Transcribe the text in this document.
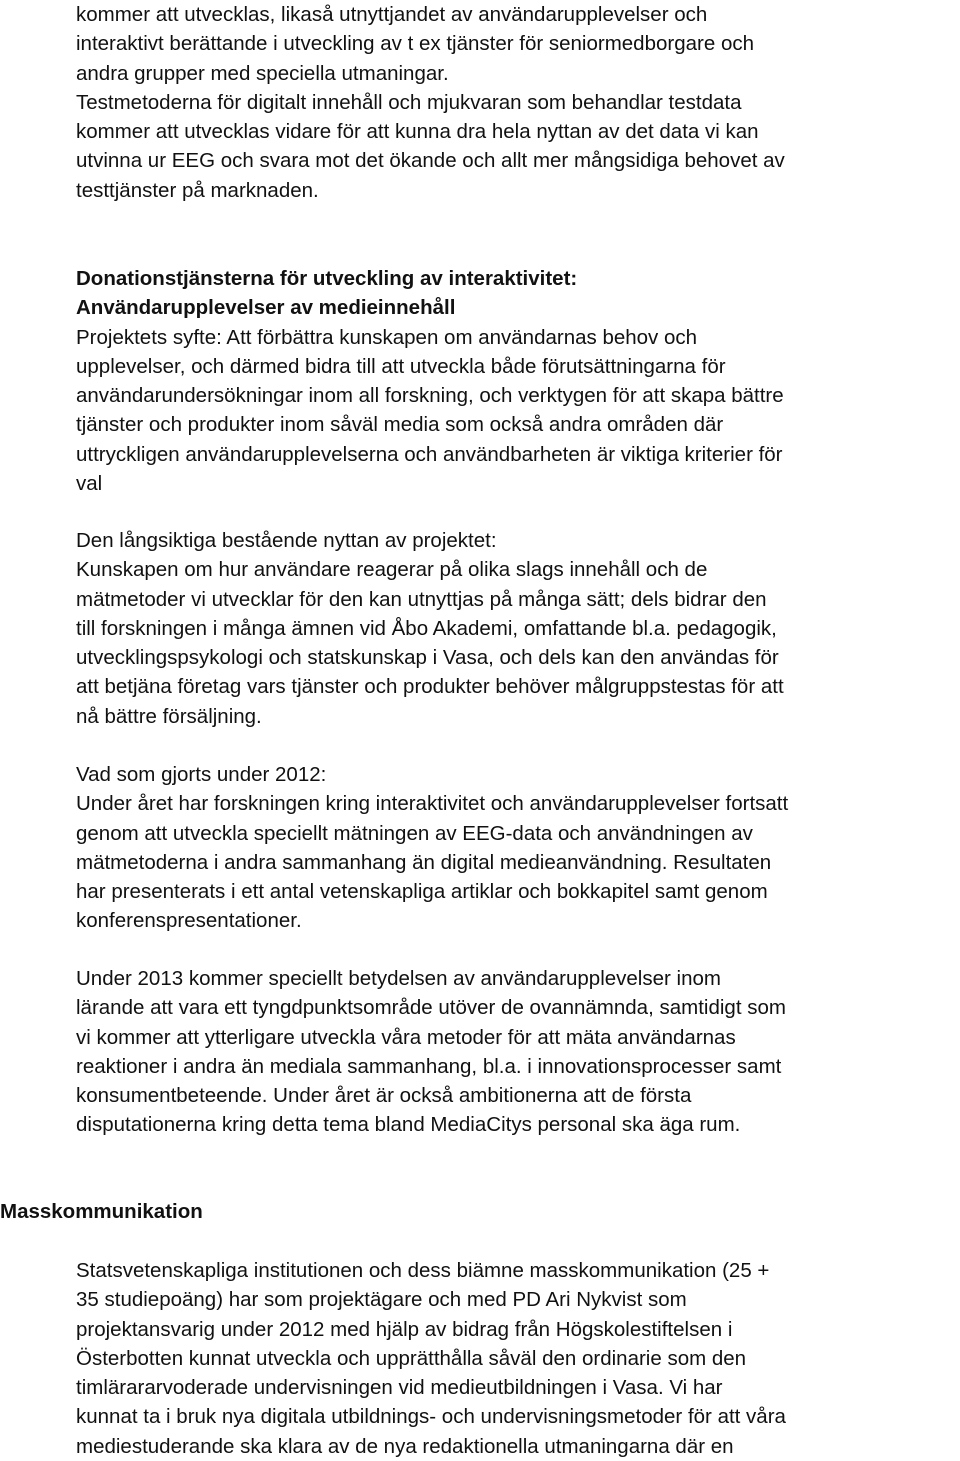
kommer att utvecklas, likaså utnyttjandet av användarupplevelser och
interaktivt berättande i utveckling av t ex tjänster för seniormedborgare och
andra grupper med speciella utmaningar.
Testmetoderna för digitalt innehåll och mjukvaran som behandlar testdata
kommer att utvecklas vidare för att kunna dra hela nyttan av det data vi kan
utvinna ur EEG och svara mot det ökande och allt mer mångsidiga behovet av
testtjänster på marknaden.
Donationstjänsterna för utveckling av interaktivitet:
Användarupplevelser av medieinnehåll
Projektets syfte: Att förbättra kunskapen om användarnas behov och
upplevelser, och därmed bidra till att utveckla både förutsättningarna för
användarundersökningar inom all forskning, och verktygen för att skapa bättre
tjänster och produkter inom såväl media som också andra områden där
uttryckligen användarupplevelserna och användbarheten är viktiga kriterier för
val
Den långsiktiga bestående nyttan av projektet:
Kunskapen om hur användare reagerar på olika slags innehåll och de
mätmetoder vi utvecklar för den kan utnyttjas på många sätt; dels bidrar den
till forskningen i många ämnen vid Åbo Akademi, omfattande bl.a. pedagogik,
utvecklingspsykologi och statskunskap i Vasa, och dels kan den användas för
att betjäna företag vars tjänster och produkter behöver målgruppstestas för att
nå bättre försäljning.
Vad som gjorts under 2012:
Under året har forskningen kring interaktivitet och användarupplevelser fortsatt
genom att utveckla speciellt mätningen av EEG-data och användningen av
mätmetoderna i andra sammanhang än digital medieanvändning. Resultaten
har presenterats i ett antal vetenskapliga artiklar och bokkapitel samt genom
konferenspresentationer.
Under 2013 kommer speciellt betydelsen av användarupplevelser inom
lärande att vara ett tyngdpunktsområde utöver de ovannämnda, samtidigt som
vi kommer att ytterligare utveckla våra metoder för att mäta användarnas
reaktioner i andra än mediala sammanhang, bl.a. i innovationsprocesser samt
konsumentbeteende. Under året är också ambitionerna att de första
disputationerna kring detta tema bland MediaCitys personal ska äga rum.
Masskommunikation
Statsvetenskapliga institutionen och dess biämne masskommunikation (25 +
35 studiepoäng) har som projektägare och med PD Ari Nykvist som
projektansvarig under 2012 med hjälp av bidrag från Högskolestiftelsen i
Österbotten kunnat utveckla och upprätthålla såväl den ordinarie som den
timlärararvoderade undervisningen vid medieutbildningen i Vasa. Vi har
kunnat ta i bruk nya digitala utbildnings- och undervisningsmetoder för att våra
mediestuderande ska klara av de nya redaktionella utmaningarna där en
